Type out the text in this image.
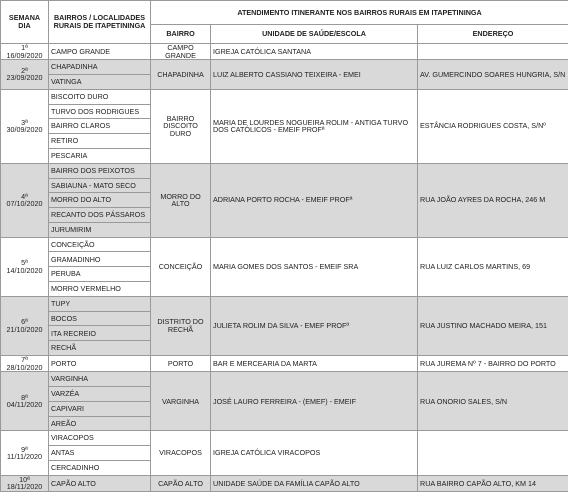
SEMANA DIA	BAIRROS / LOCALIDADES RURAIS DE ITAPETININGA	ATENDIMENTO ITINERANTE NOS BAIRROS RURAIS EM ITAPETININGA		
		BAIRRO	UNIDADE DE SAÚDE/ESCOLA	ENDEREÇO

1ª
16/09/2020	CAMPO GRANDE	CAMPO GRANDE	IGREJA CATÓLICA SANTANA	

2ª
23/09/2020	CHAPADINHA	CHAPADINHA	LUIZ ALBERTO CASSIANO TEIXEIRA - EMEI	AV. GUMERCINDO SOARES HUNGRIA, S/N
	VATINGA			

3ª
30/09/2020	BISCOITO DURO	BAIRRO DISCOITO DURO	MARIA DE LOURDES NOGUEIRA ROLIM - ANTIGA TURVO DOS CATÓLICOS - EMEIF PROFª	ESTÂNCIA RODRIGUES COSTA, S/Nº
	TURVO DOS RODRIGUES			
	BAIRRO CLAROS			
	RETIRO			
	PESCARIA			

4ª
07/10/2020	BAIRRO DOS PEIXOTOS	MORRO DO ALTO	ADRIANA PORTO ROCHA - EMEIF PROFª	RUA JOÃO AYRES DA ROCHA, 246 M
	SABIAUNA - MATO SECO			
	MORRO DO ALTO			
	RECANTO DOS PÁSSAROS			
	JURUMIRIM			

5ª
14/10/2020	CONCEIÇÃO	CONCEIÇÃO	MARIA GOMES DOS SANTOS - EMEIF SRA	RUA LUIZ CARLOS MARTINS, 69
	GRAMADINHO			
	PERUBA			
	MORRO VERMELHO			

6ª
21/10/2020	TUPY	DISTRITO DO RECHÃ	JULIETA ROLIM DA SILVA - EMEF PROFª	RUA JUSTINO MACHADO MEIRA, 151
	BOCOS			
	ITA RECREIO			
	RECHÃ			

7ª
28/10/2020	PORTO	PORTO	BAR E MERCEARIA DA MARTA	RUA JUREMA Nº 7 - BAIRRO DO PORTO

8ª
04/11/2020	VARGINHA	VARGINHA	JOSÉ LAURO FERREIRA - (EMEF) - EMEIF	RUA ONORIO SALES, S/N
	VARZÉA			
	CAPIVARI			
	AREÃO			

9ª
11/11/2020	VIRACOPOS	VIRACOPOS	IGREJA CATÓLICA VIRACOPOS	
	ANTAS			
	CERCADINHO			

10ª
18/11/2020	CAPÃO ALTO	CAPÃO ALTO	UNIDADE SAÚDE DA FAMÍLIA CAPÃO ALTO	RUA BAIRRO CAPÃO ALTO, KM 14
